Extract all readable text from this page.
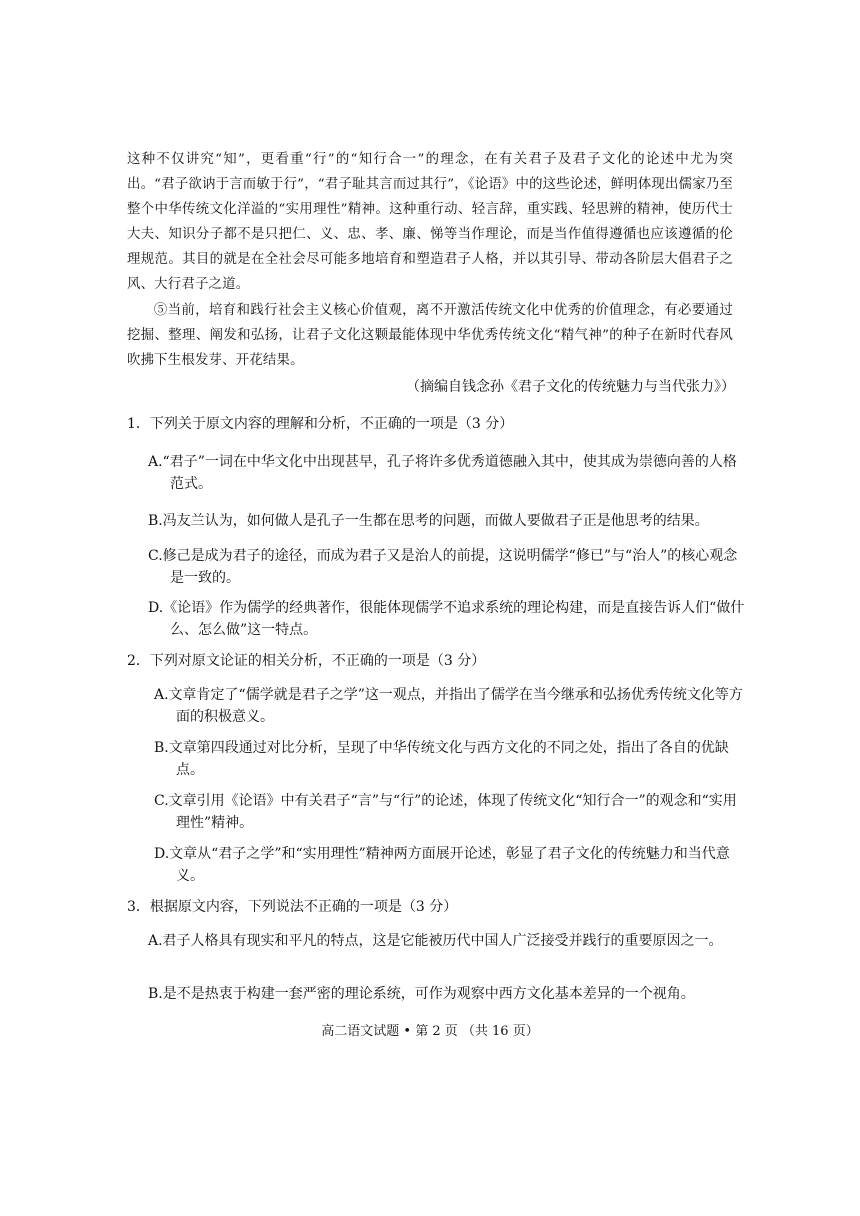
这种不仅讲究“知”，更看重“行”的“知行合一”的理念，在有关君子及君子文化的论述中尤为突出。“君子欲讷于言而敏于行”，“君子耻其言而过其行”，《论语》中的这些论述，鲜明体现出儒家乃至整个中华传统文化洋溢的“实用理性”精神。这种重行动、轻言辞，重实践、轻思辨的精神，使历代士大夫、知识分子都不是只把仁、义、忠、孝、廉、悌等当作理论，而是当作值得遵循也应该遵循的伦理规范。其目的就是在全社会尽可能多地培育和塑造君子人格，并以其引导、带动各阶层大倡君子之风、大行君子之道。
⑤当前，培育和践行社会主义核心价值观，离不开激活传统文化中优秀的价值理念，有必要通过挖掘、整理、阐发和弘扬，让君子文化这颗最能体现中华优秀传统文化“精气神”的种子在新时代春风吹拂下生根发芽、开花结果。
（摘编自钱念孙《君子文化的传统魅力与当代张力》）
1．下列关于原文内容的理解和分析，不正确的一项是（3 分）
A.“君子”一词在中华文化中出现甚早，孔子将许多优秀道德融入其中，使其成为崇德向善的人格范式。
B.冯友兰认为，如何做人是孔子一生都在思考的问题，而做人要做君子正是他思考的结果。
C.修己是成为君子的途径，而成为君子又是治人的前提，这说明儒学“修已”与“治人”的核心观念是一致的。
D.《论语》作为儒学的经典著作，很能体现儒学不追求系统的理论构建，而是直接告诉人们“做什么、怎么做”这一特点。
2．下列对原文论证的相关分析，不正确的一项是（3 分）
A.文章肯定了“儒学就是君子之学”这一观点，并指出了儒学在当今继承和弘扬优秀传统文化等方面的积极意义。
B.文章第四段通过对比分析，呈现了中华传统文化与西方文化的不同之处，指出了各自的优缺点。
C.文章引用《论语》中有关君子“言”与“行”的论述，体现了传统文化“知行合一”的观念和“实用理性”精神。
D.文章从“君子之学”和“实用理性”精神两方面展开论述，彰显了君子文化的传统魅力和当代意义。
3．根据原文内容，下列说法不正确的一项是（3 分）
A.君子人格具有现实和平凡的特点，这是它能被历代中国人广泛接受并践行的重要原因之一。
B.是不是热衷于构建一套严密的理论系统，可作为观察中西方文化基本差异的一个视角。
高二语文试题 • 第 2 页 （共 16 页）
